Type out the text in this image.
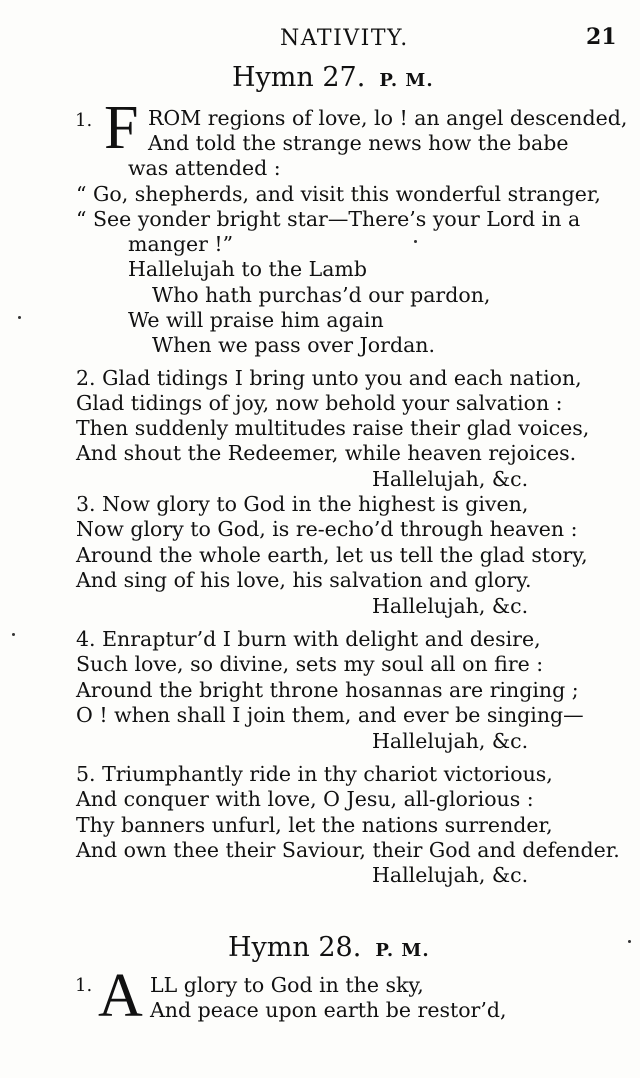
NATIVITY.	21
Hymn 27. P. M.
1. F ROM regions of love, lo ! an angel descended,
And told the strange news how the babe
was attended :
“ Go, shepherds, and visit this wonderful stranger,
“ See yonder bright star—There’s your Lord in a
manger !”
Hallelujah to the Lamb
Who hath purchas’d our pardon,
We will praise him again
When we pass over Jordan.
2. Glad tidings I bring unto you and each nation,
Glad tidings of joy, now behold your salvation :
Then suddenly multitudes raise their glad voices,
And shout the Redeemer, while heaven rejoices.
Hallelujah, &c.
3. Now glory to God in the highest is given,
Now glory to God, is re-echo’d through heaven :
Around the whole earth, let us tell the glad story,
And sing of his love, his salvation and glory.
Hallelujah, &c.
4. Enraptur’d I burn with delight and desire,
Such love, so divine, sets my soul all on fire :
Around the bright throne hosannas are ringing ;
O ! when shall I join them, and ever be singing—
Hallelujah, &c.
5. Triumphantly ride in thy chariot victorious,
And conquer with love, O Jesu, all-glorious :
Thy banners unfurl, let the nations surrender,
And own thee their Saviour, their God and defender.
Hallelujah, &c.
Hymn 28. P. M.
1. A LL glory to God in the sky,
And peace upon earth be restor’d,
